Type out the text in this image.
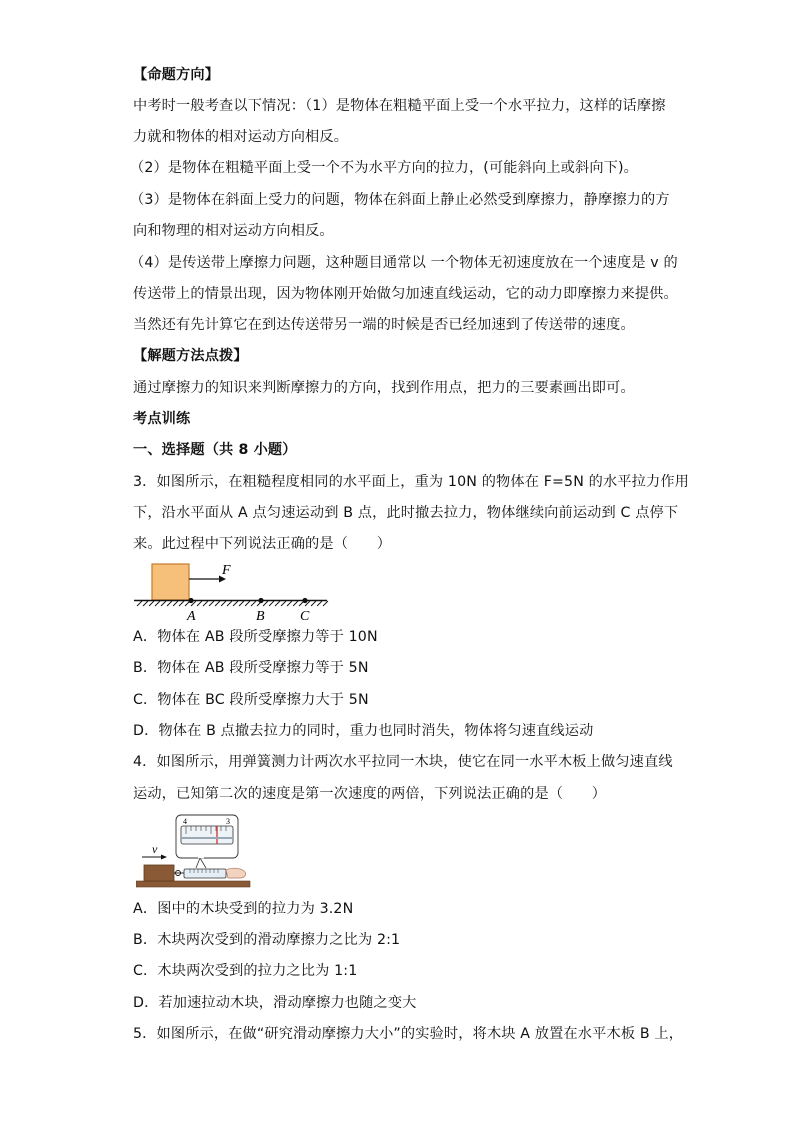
【命题方向】
中考时一般考查以下情况：（1）是物体在粗糙平面上受一个水平拉力，这样的话摩擦
力就和物体的相对运动方向相反。
（2）是物体在粗糙平面上受一个不为水平方向的拉力，(可能斜向上或斜向下)。
（3）是物体在斜面上受力的问题，物体在斜面上静止必然受到摩擦力，静摩擦力的方
向和物理的相对运动方向相反。
（4）是传送带上摩擦力问题，这种题目通常以 一个物体无初速度放在一个速度是 v 的
传送带上的情景出现，因为物体刚开始做匀加速直线运动，它的动力即摩擦力来提供。
当然还有先计算它在到达传送带另一端的时候是否已经加速到了传送带的速度。
【解题方法点拨】
通过摩擦力的知识来判断摩擦力的方向，找到作用点，把力的三要素画出即可。
考点训练
一、选择题（共 8 小题）
3．如图所示，在粗糙程度相同的水平面上，重为 10N 的物体在 F=5N 的水平拉力作用
下，沿水平面从 A 点匀速运动到 B 点，此时撤去拉力，物体继续向前运动到 C 点停下
来。此过程中下列说法正确的是（　　）
F
A	B	C
A．物体在 AB 段所受摩擦力等于 10N
B．物体在 AB 段所受摩擦力等于 5N
C．物体在 BC 段所受摩擦力大于 5N
D．物体在 B 点撤去拉力的同时，重力也同时消失，物体将匀速直线运动
4．如图所示，用弹簧测力计两次水平拉同一木块，使它在同一水平木板上做匀速直线
运动，已知第二次的速度是第一次速度的两倍，下列说法正确的是（　　）
v
4	3
A．图中的木块受到的拉力为 3.2N
B．木块两次受到的滑动摩擦力之比为 2:1
C．木块两次受到的拉力之比为 1:1
D．若加速拉动木块，滑动摩擦力也随之变大
5．如图所示，在做“研究滑动摩擦力大小”的实验时，将木块 A 放置在水平木板 B 上，
